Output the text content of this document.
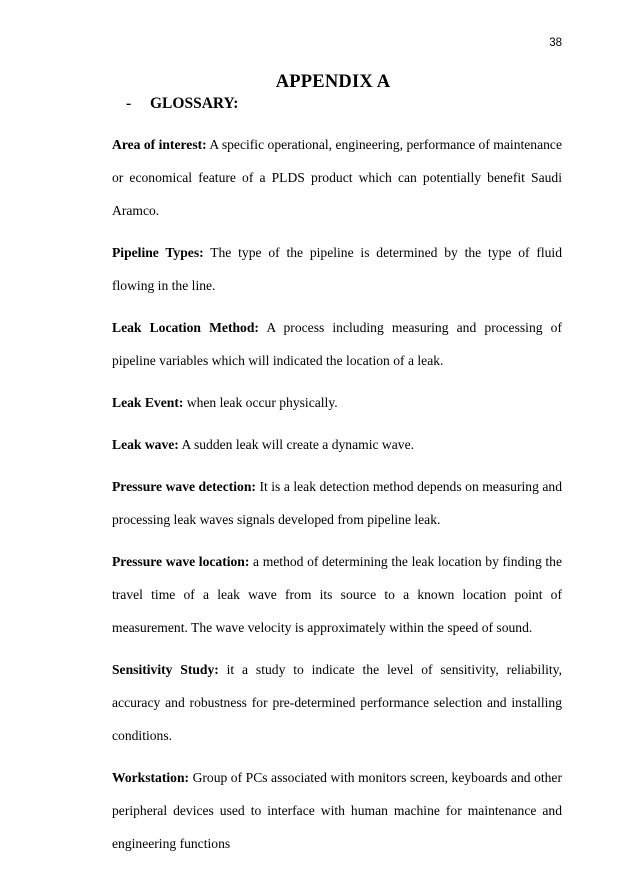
38
APPENDIX A
- GLOSSARY:

Area of interest: A specific operational, engineering, performance of maintenance or economical feature of a PLDS product which can potentially benefit Saudi Aramco.

Pipeline Types: The type of the pipeline is determined by the type of fluid flowing in the line.

Leak Location Method: A process including measuring and processing of pipeline variables which will indicated the location of a leak.

Leak Event: when leak occur physically.

Leak wave: A sudden leak will create a dynamic wave.

Pressure wave detection: It is a leak detection method depends on measuring and processing leak waves signals developed from pipeline leak.

Pressure wave location: a method of determining the leak location by finding the travel time of a leak wave from its source to a known location point of measurement. The wave velocity is approximately within the speed of sound.

Sensitivity Study: it a study to indicate the level of sensitivity, reliability, accuracy and robustness for pre-determined performance selection and installing conditions.

Workstation: Group of PCs associated with monitors screen, keyboards and other peripheral devices used to interface with human machine for maintenance and engineering functions
